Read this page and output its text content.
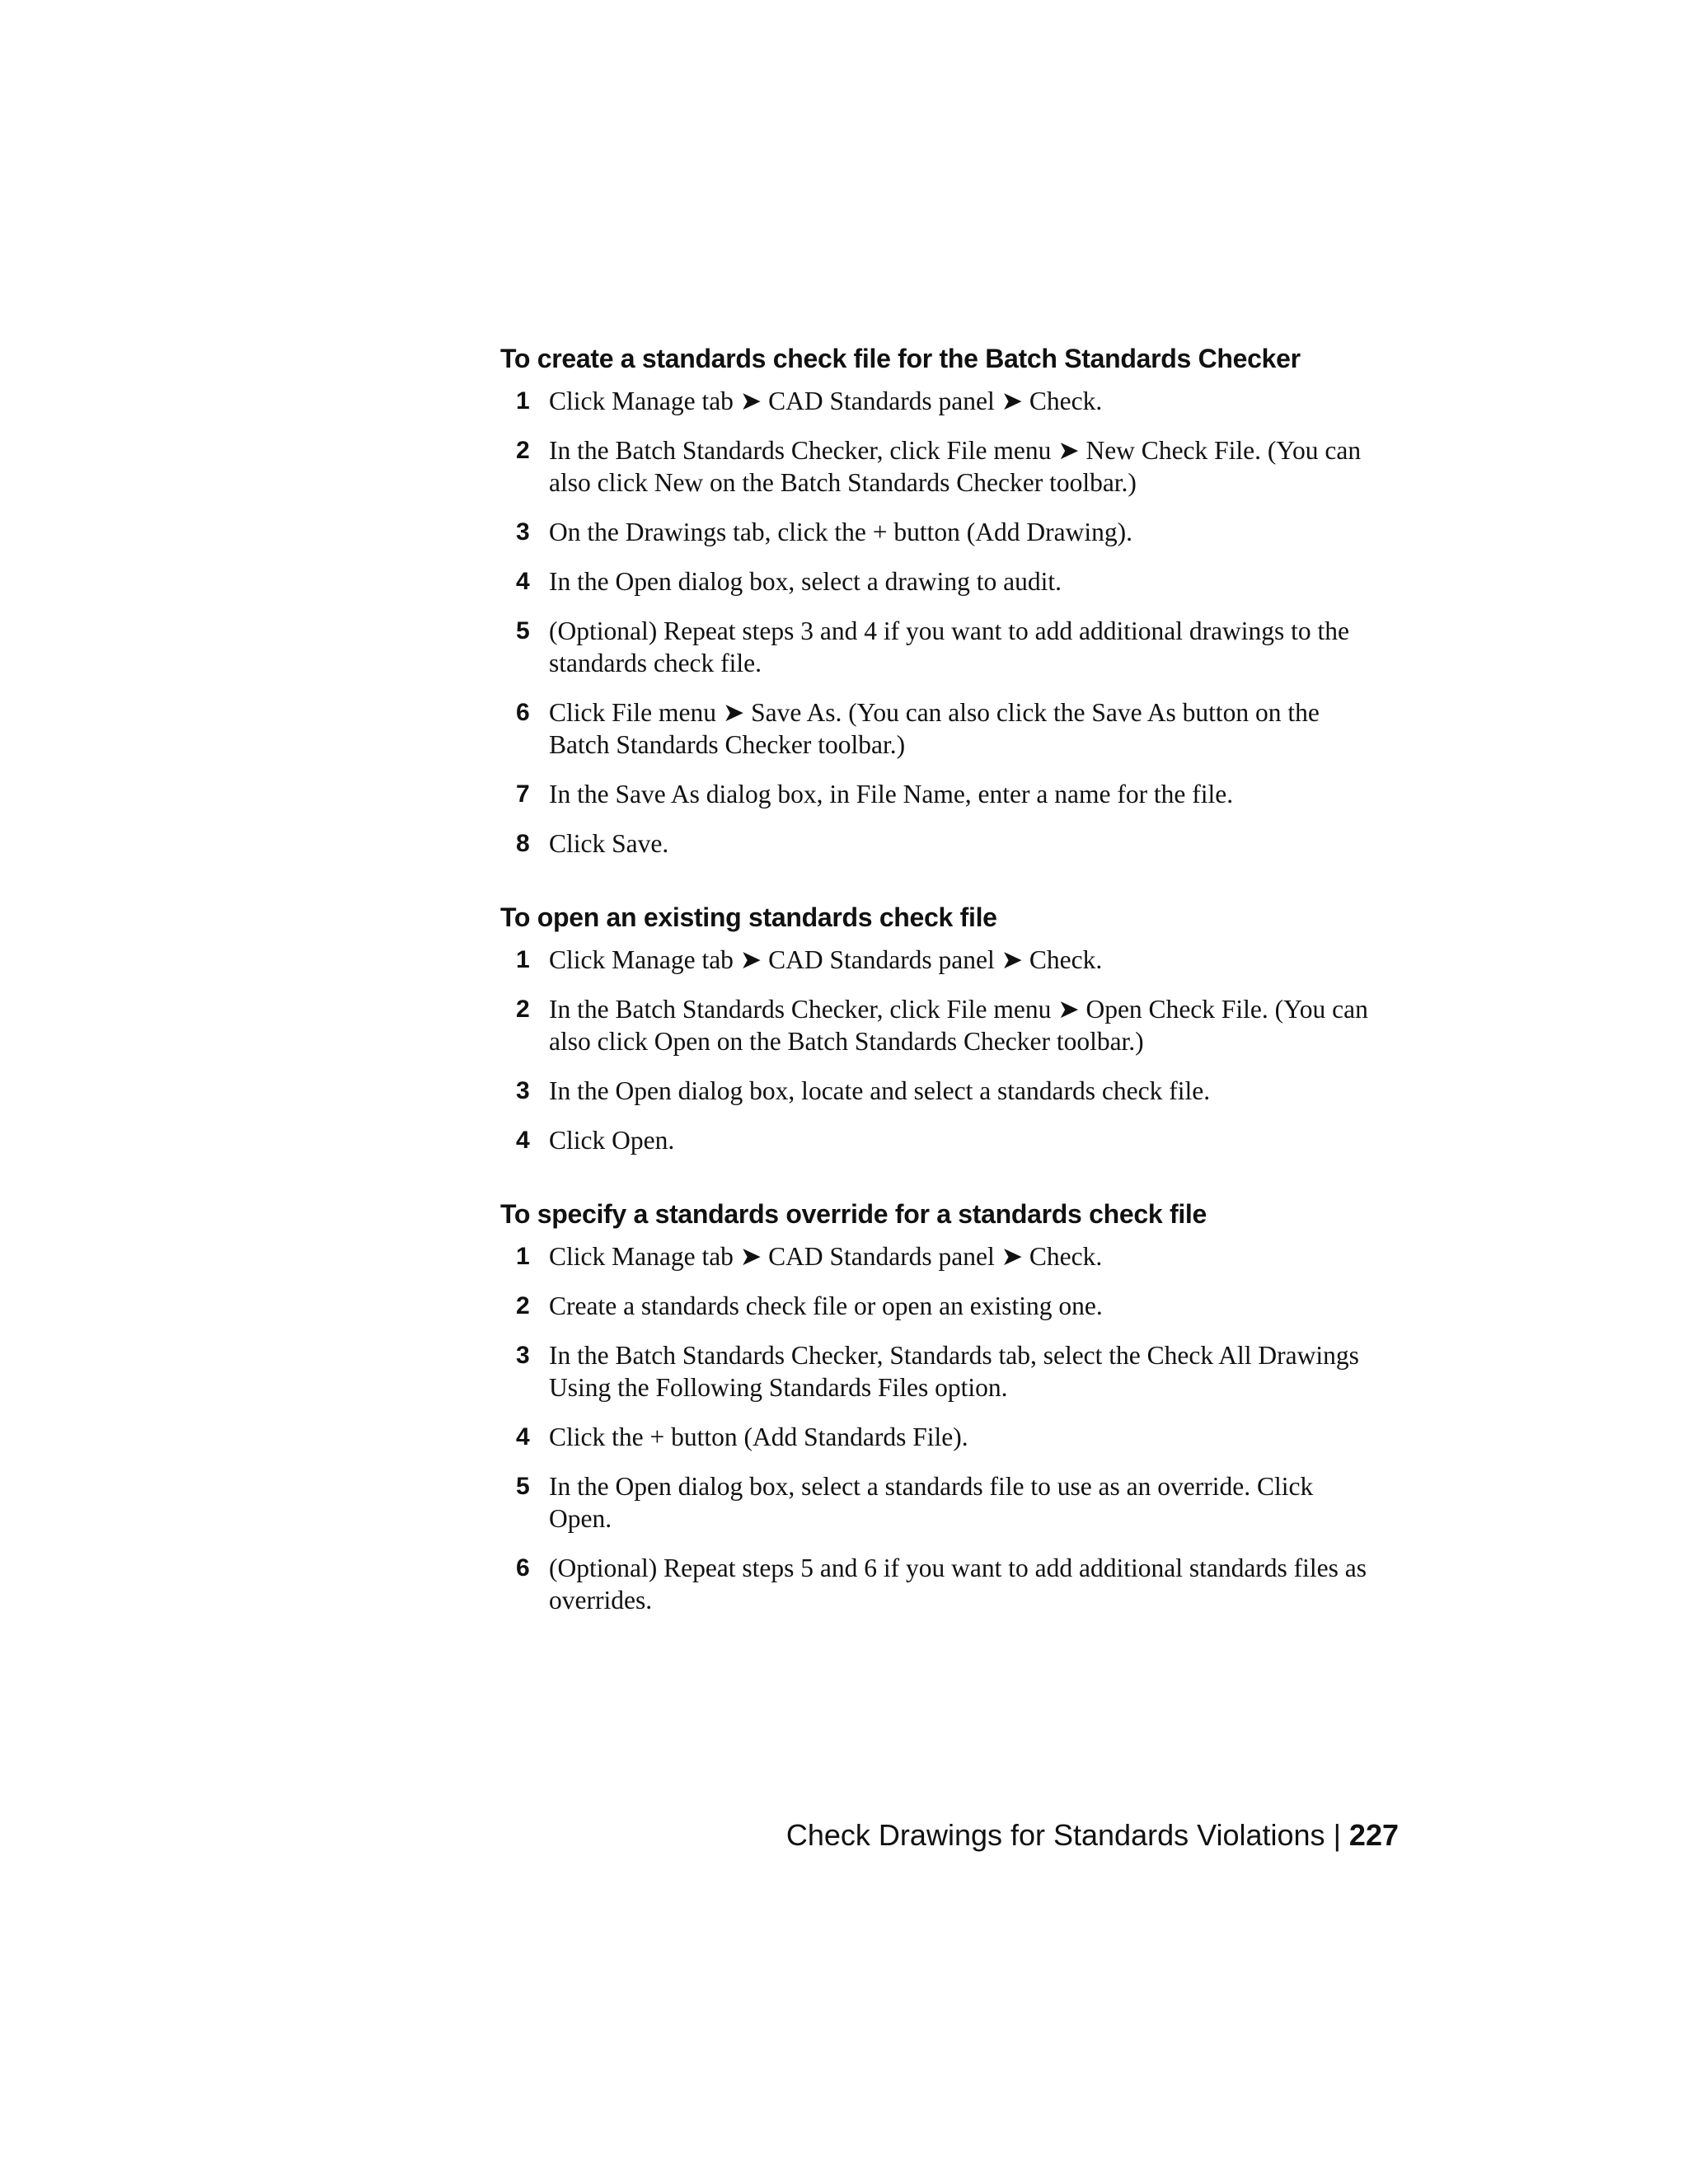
To create a standards check file for the Batch Standards Checker
1 Click Manage tab ➤ CAD Standards panel ➤ Check.
2 In the Batch Standards Checker, click File menu ➤ New Check File. (You can also click New on the Batch Standards Checker toolbar.)
3 On the Drawings tab, click the + button (Add Drawing).
4 In the Open dialog box, select a drawing to audit.
5 (Optional) Repeat steps 3 and 4 if you want to add additional drawings to the standards check file.
6 Click File menu ➤ Save As. (You can also click the Save As button on the Batch Standards Checker toolbar.)
7 In the Save As dialog box, in File Name, enter a name for the file.
8 Click Save.
To open an existing standards check file
1 Click Manage tab ➤ CAD Standards panel ➤ Check.
2 In the Batch Standards Checker, click File menu ➤ Open Check File. (You can also click Open on the Batch Standards Checker toolbar.)
3 In the Open dialog box, locate and select a standards check file.
4 Click Open.
To specify a standards override for a standards check file
1 Click Manage tab ➤ CAD Standards panel ➤ Check.
2 Create a standards check file or open an existing one.
3 In the Batch Standards Checker, Standards tab, select the Check All Drawings Using the Following Standards Files option.
4 Click the + button (Add Standards File).
5 In the Open dialog box, select a standards file to use as an override. Click Open.
6 (Optional) Repeat steps 5 and 6 if you want to add additional standards files as overrides.
Check Drawings for Standards Violations | 227
